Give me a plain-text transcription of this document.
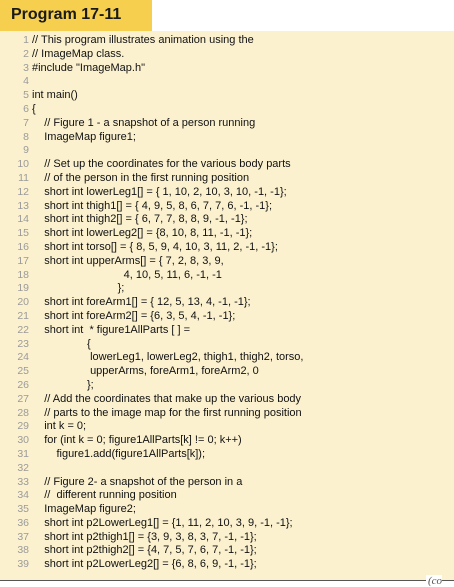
Program 17-11
1 // This program illustrates animation using the
2 // ImageMap class.
3 #include "ImageMap.h"
4
5 int main()
6 {
7 // Figure 1 - a snapshot of a person running
8 ImageMap figure1;
9
10 // Set up the coordinates for the various body parts
11 // of the person in the first running position
12 short int lowerLeg1[] = { 1, 10, 2, 10, 3, 10, -1, -1};
13 short int thigh1[] = { 4, 9, 5, 8, 6, 7, 7, 6, -1, -1};
14 short int thigh2[] = { 6, 7, 7, 8, 8, 9, -1, -1};
15 short int lowerLeg2[] = {8, 10, 8, 11, -1, -1};
16 short int torso[] = { 8, 5, 9, 4, 10, 3, 11, 2, -1, -1};
17 short int upperArms[] = { 7, 2, 8, 3, 9,
18 4, 10, 5, 11, 6, -1, -1
19 };
20 short int foreArm1[] = { 12, 5, 13, 4, -1, -1};
21 short int foreArm2[] = {6, 3, 5, 4, -1, -1};
22 short int  * figure1AllParts [ ] =
23 {
24 lowerLeg1, lowerLeg2, thigh1, thigh2, torso,
25 upperArms, foreArm1, foreArm2, 0
26 };
27 // Add the coordinates that make up the various body
28 // parts to the image map for the first running position
29 int k = 0;
30 for (int k = 0; figure1AllParts[k] != 0; k++)
31 figure1.add(figure1AllParts[k]);
32
33 // Figure 2- a snapshot of the person in a
34 //  different running position
35 ImageMap figure2;
36 short int p2LowerLeg1[] = {1, 11, 2, 10, 3, 9, -1, -1};
37 short int p2thigh1[] = {3, 9, 3, 8, 3, 7, -1, -1};
38 short int p2thigh2[] = {4, 7, 5, 7, 6, 7, -1, -1};
39 short int p2LowerLeg2[] = {6, 8, 6, 9, -1, -1};
(co
